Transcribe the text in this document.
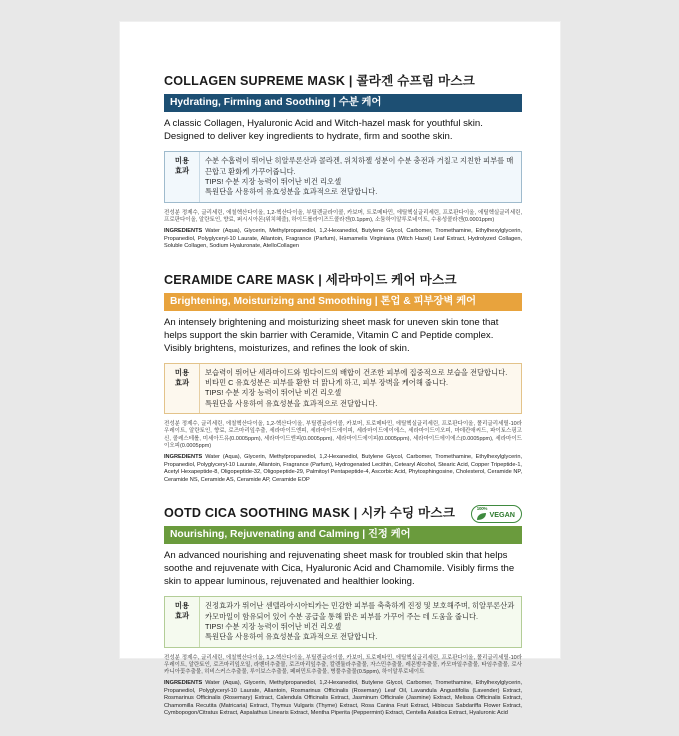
COLLAGEN SUPREME MASK | 콜라겐 슈프림 마스크
Hydrating, Firming and Soothing | 수분 케어
A classic Collagen, Hyaluronic Acid and Witch-hazel mask for youthful skin. Designed to deliver key ingredients to hydrate, firm and soothe skin.
미용
효과
수분 수홉력이 뛰어난 히알루론산과 콜라겐, 위치하젤 성분이 수분 충전과 거칠고 지친한 피부를 매끈합고 환화케 가꾸어줍니다.
TIPS! 수분 지장 능력이 뛰어난 비건 리오셀
특원단을 사용하여 유효성분을 효과적으로 전달합니다.
전성분 정제수, 글리세린, 에칠헥산다이올, 1,2-헥산다이올, 부틸렌글라이콜, 카보머, 트로메타민, 에틸헥실글리세린, 프로판다이올, 에틸헥실글리세린, 프로판다이올, 알란토인, 향료, 퍼시시아몬(위치헤즐), 하이드롤라이즈드콜라겐(0.1ppm), 소듐하이알루로네이트, 수용성콜라겐(0.0001ppm)
INGREDIENTS Water (Aqua), Glycerin, Methylpropanediol, 1,2-Hexanediol, Butylene Glycol, Carbomer, Tromethamine, Ethylhexylglycerin, Propanediol, Polyglyceryl-10 Laurate, Allantoin, Fragrance (Parfum), Hamamelis Virginiana (Witch Hazel) Leaf Extract, Hydrolyzed Collagen, Soluble Collagen, Sodium Hyaluronate, AtelloCollagen
CERAMIDE CARE MASK | 세라마이드 케어 마스크
Brightening, Moisturizing and Smoothing | 톤업 & 피부장벽 케어
An intensely brightening and moisturizing sheet mask for uneven skin tone that helps support the skin barrier with Ceramide, Vitamin C and Peptide complex. Visibly brightens, moisturizes, and refines the look of skin.
미용
효과
보습력이 뛰어난 세라마이드와 빔다이드의 배합이 건조한 피부에 집중적으로 보습을 전달합니다. 비타민 C 유효성분은 피부를 환한 더 맑나게 하고, 피부 장벽을 케어해 줍니다.
TIPS! 수분 지장 능력이 뛰어난 비건 리오셀
특원단을 사용하여 유효성분을 효과적으로 전달합니다.
전성분 정제수, 글리세린, 에칠헥산다이올, 1,2-헥산다이올, 부틸렌글라이콜, 카보머, 트로메타민, 에틸헥실글리세린, 프로판다이올, 폴리글리세릴-10라우레이트, 알란토인, 향료, 로즈마리잎추출, 세라마이드엔피, 세라마이드에이피, 세라마이드에이에스, 세라마이드이오피, 마데칸애씨드, 파이토스핑고신, 콜레스테롤, 미세아드유(0.0005ppm), 세라마이드엔피(0.0005ppm), 세라마이드에이피(0.0005ppm), 세라마이드에이에스(0.0005ppm), 세라마이드이오피(0.0005ppm)
INGREDIENTS Water (Aqua), Glycerin, Methylpropanediol, 1,2-Hexanediol, Butylene Glycol, Carbomer, Tromethamine, Ethylhexylglycerin, Propanediol, Polyglyceryl-10 Laurate, Allantoin, Fragrance (Parfum), Hydrogenated Lecithin, Cetearyl Alcohol, Stearic Acid, Copper Tripeptide-1, Acetyl Hexapeptide-8, Oligopeptide-32, Oligopeptide-29, Palmitoyl Pentapeptide-4, Ascorbic Acid, Phytosphingosine, Cholesterol, Ceramide NP, Ceramide NS, Ceramide AS, Ceramide AP, Ceramide EOP
OOTD CICA SOOTHING MASK | 시카 수딩 마스크	100%
VEGAN
Nourishing, Rejuvenating and Calming | 진정 케어
An advanced nourishing and rejuvenating sheet mask for troubled skin that helps soothe and rejuvenate with Cica, Hyaluronic Acid and Chamomile. Visibly firms the skin to appear luminous, rejuvenated and healthier looking.
미용
효과
진정효과가 뛰어난 센텔라아시아티카는 민감한 피부를 축축하게 진정 및 보호해주며, 히알루론산과 카모마일이 함유되어 있어 수분 공급을 통해 맑은 피부를 가꾸어 주는 데 도움을 줍니다.
TIPS! 수분 지장 능력이 뛰어난 비건 리오셀
특원단을 사용하여 유효성분을 효과적으로 전달합니다.
전성분 정제수, 글리세린, 에칠헥산다이올, 1,2-헥산다이올, 부틸렌글라이콜, 카보머, 트로메타민, 에틸헥실글리세린, 프로판다이올, 폴리글리세릴-10라우레이트, 알란토인, 로즈마리잎오일, 라벤더추출물, 로즈마리잎추출, 칼렌듈라추출물, 자스민추출물, 레몬밤추출물, 카모마일추출물, 타임추출물, 로사카니아꽃추출물, 히비스커스추출물, 루이보스추출물, 페퍼민트추출물, 병풀추출물(0.5ppm), 하이알루로네이트
INGREDIENTS Water (Aqua), Glycerin, Methylpropanediol, 1,2-Hexanediol, Butylene Glycol, Carbomer, Tromethamine, Ethylhexylglycerin, Propanediol, Polyglyceryl-10 Laurate, Allantoin, Rosmarinus Officinalis (Rosemary) Leaf Oil, Lavandula Angustifolia (Lavender) Extract, Rosmarinus Officinalis (Rosemary) Extract, Calendula Officinalis Extract, Jasminum Officinale (Jasmine) Extract, Melissa Officinalis Extract, Chamomilla Recutita (Matricaria) Extract, Thymus Vulgaris (Thyme) Extract, Rosa Canina Fruit Extract, Hibiscus Sabdariffa Flower Extract, Cymbopogon/Citratus Extract, Aspalathus Linearis Extract, Mentha Piperita (Peppermint) Extract, Centella Asiatica Extract, Hyaluronic Acid
